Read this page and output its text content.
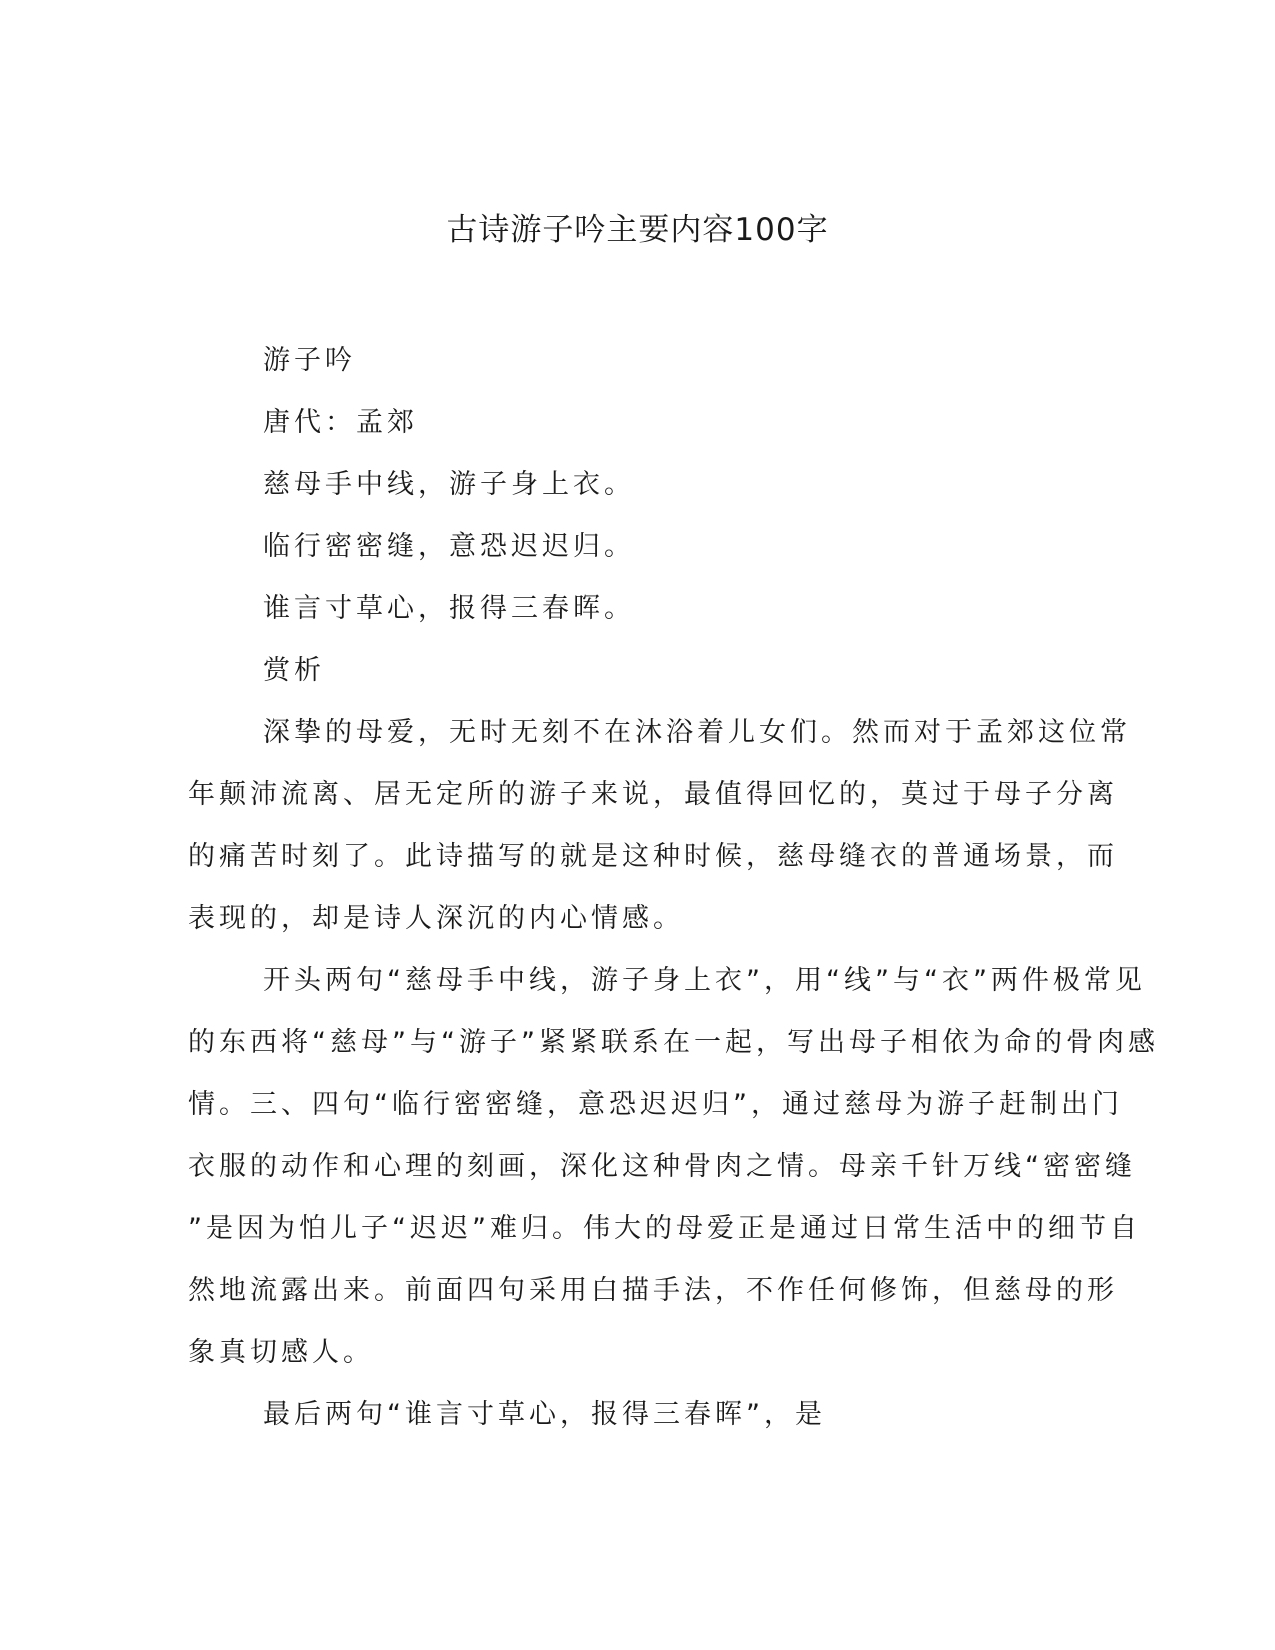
古诗游子吟主要内容100字

游子吟

唐代：孟郊

慈母手中线，游子身上衣。

临行密密缝，意恐迟迟归。

谁言寸草心，报得三春晖。

赏析

深挚的母爱，无时无刻不在沐浴着儿女们。然而对于孟郊这位常
年颠沛流离、居无定所的游子来说，最值得回忆的，莫过于母子分离
的痛苦时刻了。此诗描写的就是这种时候，慈母缝衣的普通场景，而
表现的，却是诗人深沉的内心情感。
开头两句“慈母手中线，游子身上衣”，用“线”与“衣”两件极常见
的东西将“慈母”与“游子”紧紧联系在一起，写出母子相依为命的骨肉感
情。三、四句“临行密密缝，意恐迟迟归”，通过慈母为游子赶制出门
衣服的动作和心理的刻画，深化这种骨肉之情。母亲千针万线“密密缝
”是因为怕儿子“迟迟”难归。伟大的母爱正是通过日常生活中的细节自
然地流露出来。前面四句采用白描手法，不作任何修饰，但慈母的形
象真切感人。
最后两句“谁言寸草心，报得三春晖”，是
